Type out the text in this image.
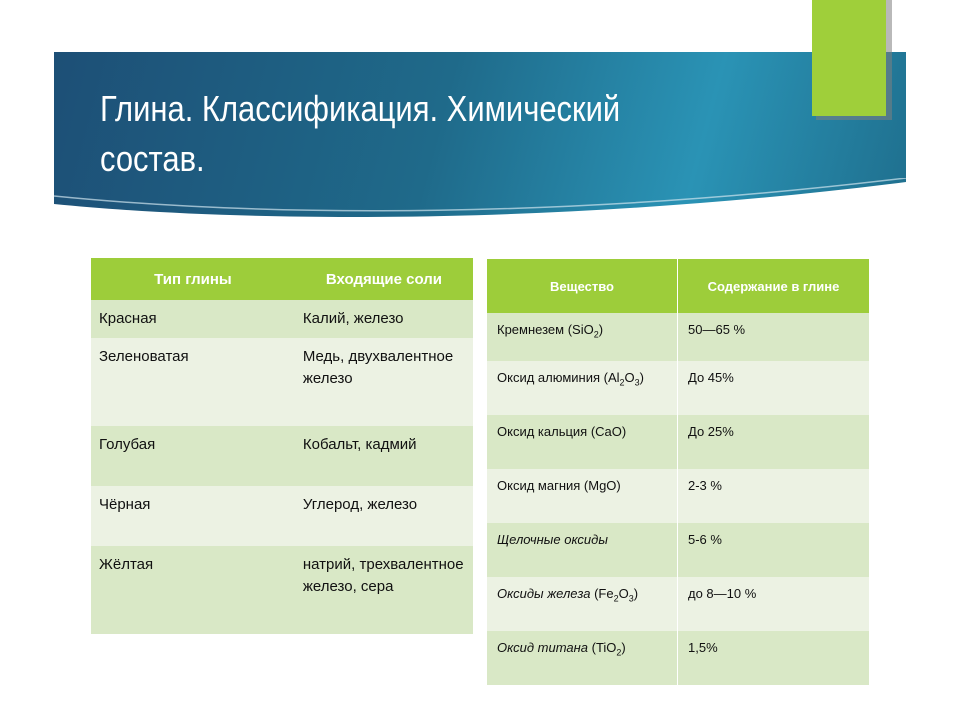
Глина. Классификация. Химический
состав.
Тип глины	Входящие соли
Красная	Калий, железо
Зеленоватая	Медь, двухвалентное железо
Голубая	Кобальт, кадмий
Чёрная	Углерод, железо
Жёлтая	натрий, трехвалентное железо, сера
Вещество	Содержание в глине
Кремнезем (SiO$_2$)	50—65 %
Оксид алюминия $(Al_2O_3)$	До 45%
Оксид кальция (CaO)	До 25%
Оксид магния (MgO)	2-3 %
Щелочные оксиды	5-6 %
Оксиды железа $(Fe_2O_3)$	до 8—10 %
Оксид титана (TiO$_2$)	1,5%
